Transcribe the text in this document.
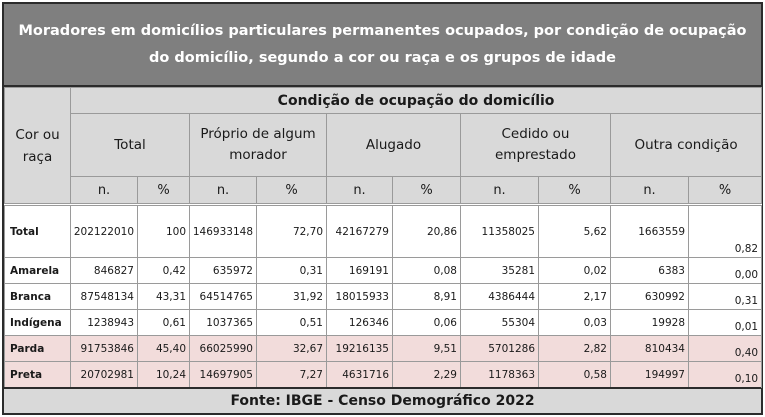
Moradores em domicílios particulares permanentes ocupados, por condição de ocupação do domicílio, segundo a cor ou raça e os grupos de idade
Cor ou raça	Condição de ocupação do domicílio									
	Total		Próprio de algum morador		Alugado		Cedido ou emprestado		Outra condição	
	n.	%	n.	%	n.	%	n.	%	n.	%

Total	202122010	100	146933148	72,70	42167279	20,86	11358025	5,62	1663559	0,82
Amarela	846827	0,42	635972	0,31	169191	0,08	35281	0,02	6383	0,00
Branca	87548134	43,31	64514765	31,92	18015933	8,91	4386444	2,17	630992	0,31
Indígena	1238943	0,61	1037365	0,51	126346	0,06	55304	0,03	19928	0,01
Parda	91753846	45,40	66025990	32,67	19216135	9,51	5701286	2,82	810434	0,40
Preta	20702981	10,24	14697905	7,27	4631716	2,29	1178363	0,58	194997	0,10
Fonte: IBGE - Censo Demográfico 2022
